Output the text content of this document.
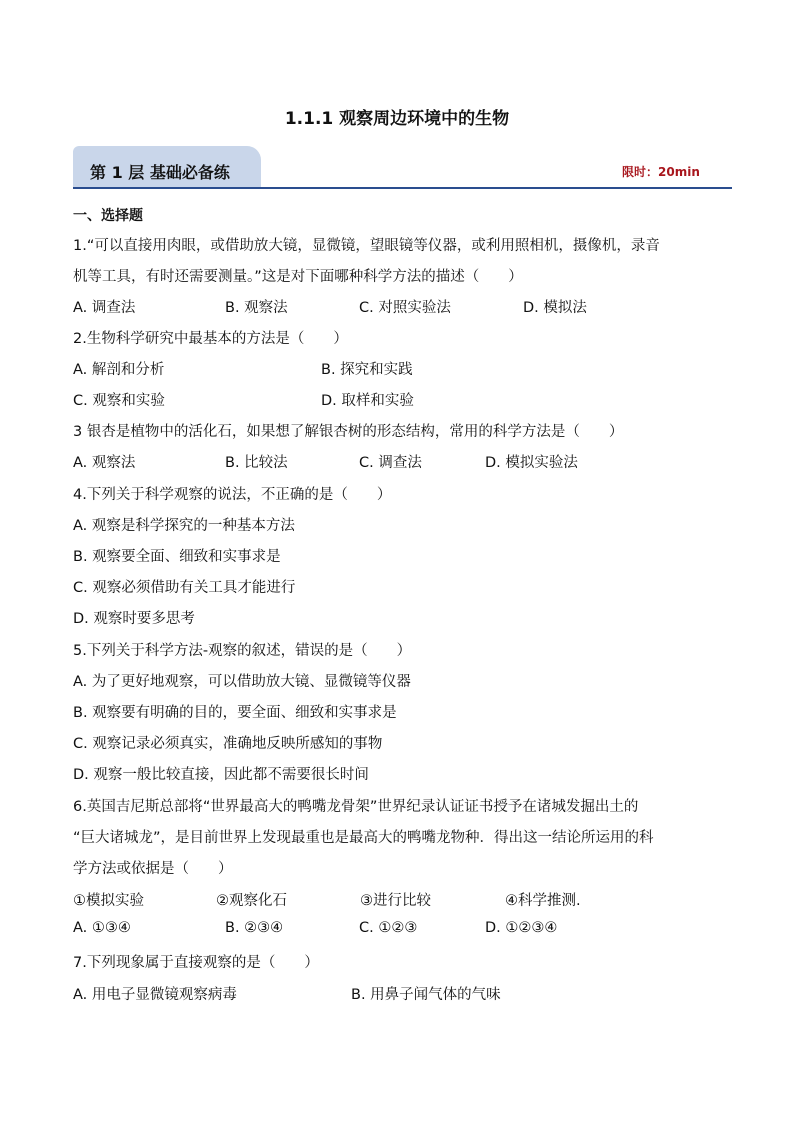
1.1.1 观察周边环境中的生物
第 1 层 基础必备练	限时：20min
一、选择题
1.“可以直接用肉眼，或借助放大镜，显微镜，望眼镜等仪器，或利用照相机，摄像机，录音
机等工具，有时还需要测量。”这是对下面哪种科学方法的描述（　　）
A. 调查法	B. 观察法	C. 对照实验法	D. 模拟法
2.生物科学研究中最基本的方法是（　　）
A. 解剖和分析	B. 探究和实践
C. 观察和实验	D. 取样和实验
3 银杏是植物中的活化石，如果想了解银杏树的形态结构，常用的科学方法是（　　）
A. 观察法	B. 比较法	C. 调查法	D. 模拟实验法
4.下列关于科学观察的说法，不正确的是（　　）
A. 观察是科学探究的一种基本方法
B. 观察要全面、细致和实事求是
C. 观察必须借助有关工具才能进行
D. 观察时要多思考
5.下列关于科学方法-观察的叙述，错误的是（　　）
A. 为了更好地观察，可以借助放大镜、显微镜等仪器
B. 观察要有明确的目的，要全面、细致和实事求是
C. 观察记录必须真实，准确地反映所感知的事物
D. 观察一般比较直接，因此都不需要很长时间
6.英国吉尼斯总部将“世界最高大的鸭嘴龙骨架”世界纪录认证证书授予在诸城发掘出土的
“巨大诸城龙”，是目前世界上发现最重也是最高大的鸭嘴龙物种．得出这一结论所运用的科
学方法或依据是（　　）
①模拟实验	②观察化石	③进行比较	④科学推测.
A. ①③④	B. ②③④	C. ①②③	D. ①②③④
7.下列现象属于直接观察的是（　　）
A. 用电子显微镜观察病毒	B. 用鼻子闻气体的气味
